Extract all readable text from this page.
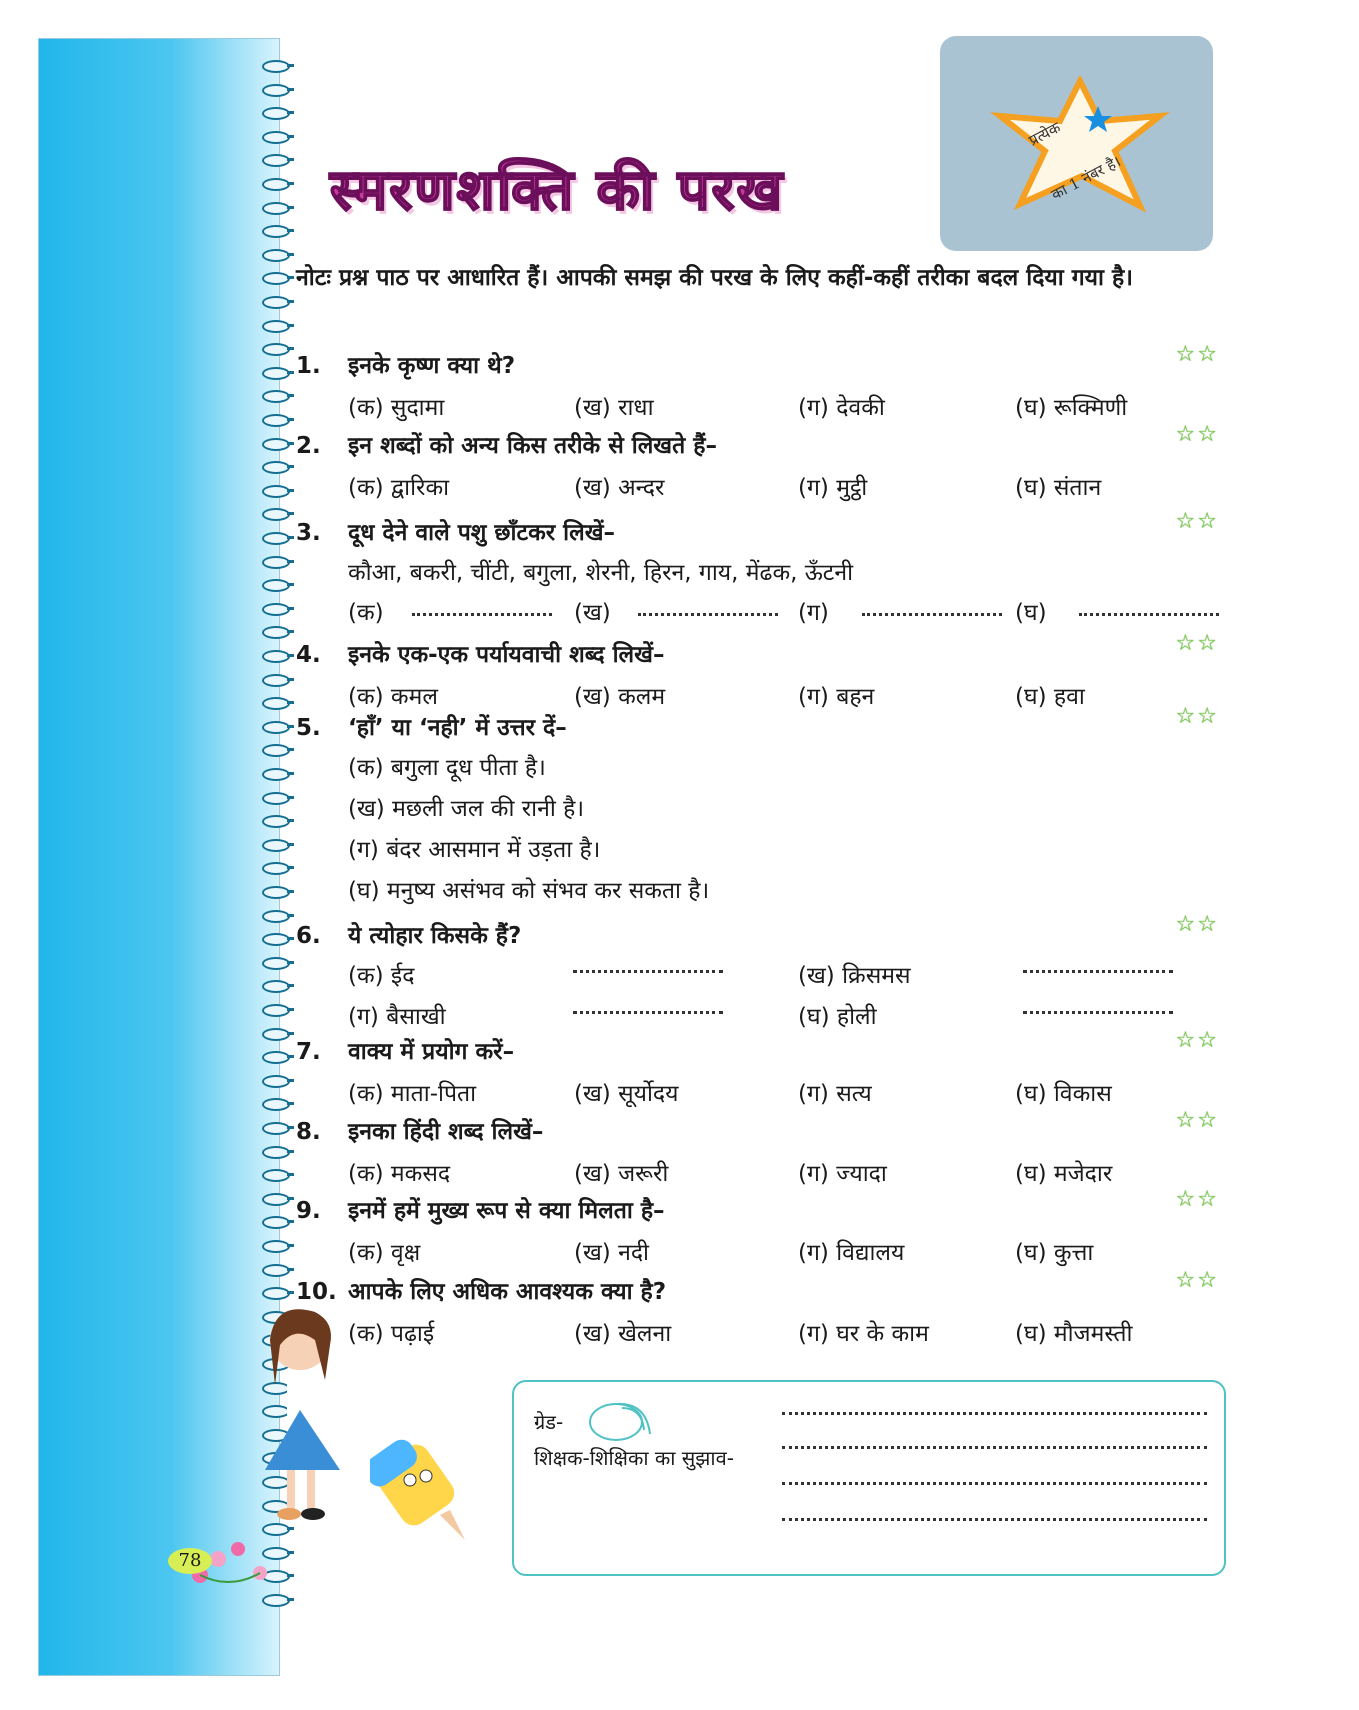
स्मरणशक्ति की परख
प्रत्येक
का 1 नंबर है।
नोटः प्रश्न पाठ पर आधारित हैं। आपकी समझ की परख के लिए कहीं-कहीं तरीका बदल दिया गया है।
1. इनके कृष्ण क्या थे?	☆☆
(क) सुदामा	(ख) राधा	(ग) देवकी	(घ) रूक्मिणी
2. इन शब्दों को अन्य किस तरीके से लिखते हैं–	☆☆
(क) द्वारिका	(ख) अन्दर	(ग) मुट्ठी	(घ) संतान
3. दूध देने वाले पशु छाँटकर लिखें–	☆☆
कौआ, बकरी, चींटी, बगुला, शेरनी, हिरन, गाय, मेंढक, ऊँटनी
(क)	(ख)	(ग)	(घ)
4. इनके एक-एक पर्यायवाची शब्द लिखें–	☆☆
(क) कमल	(ख) कलम	(ग) बहन	(घ) हवा
5. ‘हाँ’ या ‘नही’ में उत्तर दें–	☆☆
(क) बगुला दूध पीता है।
(ख) मछली जल की रानी है।
(ग) बंदर आसमान में उड़ता है।
(घ) मनुष्य असंभव को संभव कर सकता है।
6. ये त्योहार किसके हैं?	☆☆
(क) ईद	(ख) क्रिसमस
(ग) बैसाखी	(घ) होली
7. वाक्य में प्रयोग करें–	☆☆
(क) माता-पिता	(ख) सूर्योदय	(ग) सत्य	(घ) विकास
8. इनका हिंदी शब्द लिखें–	☆☆
(क) मकसद	(ख) जरूरी	(ग) ज्यादा	(घ) मजेदार
9. इनमें हमें मुख्य रूप से क्या मिलता है–	☆☆
(क) वृक्ष	(ख) नदी	(ग) विद्यालय	(घ) कुत्ता
10. आपके लिए अधिक आवश्यक क्या है?	☆☆
(क) पढ़ाई	(ख) खेलना	(ग) घर के काम	(घ) मौजमस्ती
ग्रेड-
शिक्षक-शिक्षिका का सुझाव-
78
